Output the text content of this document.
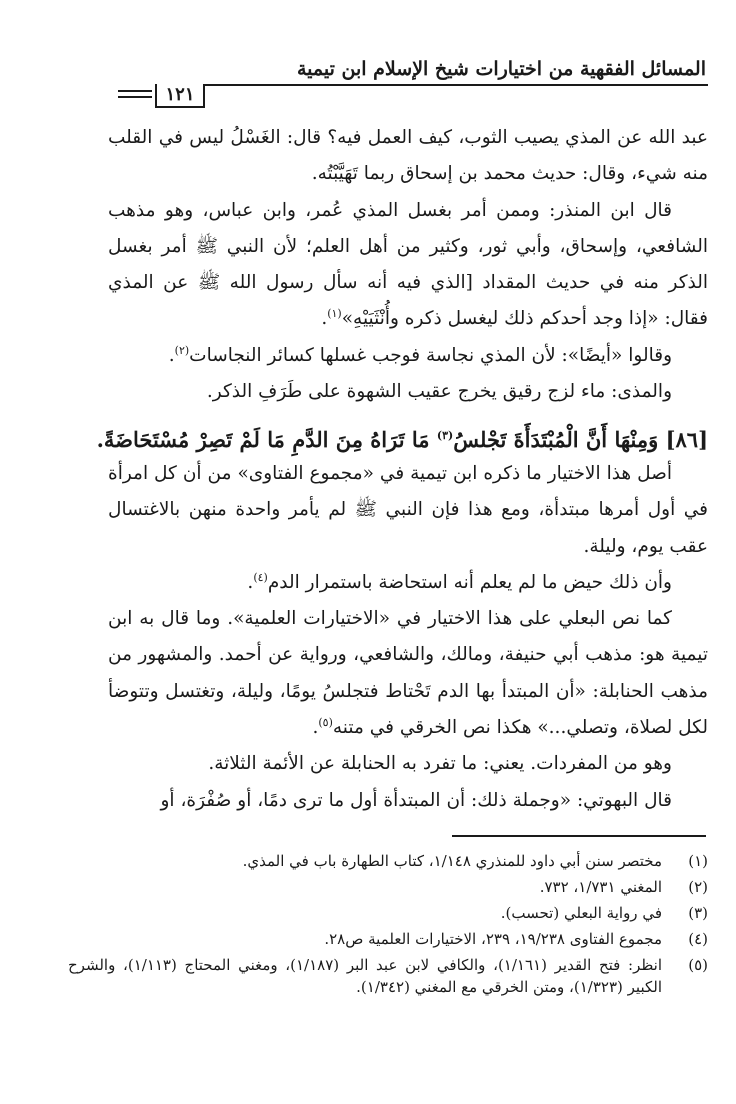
المسائل الفقهية من اختيارات شيخ الإسلام ابن تيمية
١٢١

عبد الله عن المذي يصيب الثوب، كيف العمل فيه؟ قال: الغَسْلُ ليس في القلب منه شيء، وقال: حديث محمد بن إسحاق ربما تَهَيَّبْتُه.

قال ابن المنذر: وممن أمر بغسل المذي عُمر، وابن عباس، وهو مذهب الشافعي، وإسحاق، وأبي ثور، وكثير من أهل العلم؛ لأن النبي ﷺ أمر بغسل الذكر منه في حديث المقداد [الذي فيه أنه سأل رسول الله ﷺ عن المذي فقال: «إذا وجد أحدكم ذلك ليغسل ذكره وأُنْثَيَيْهِ»$^{(١)}$.

وقالوا «أيضًا»: لأن المذي نجاسة فوجب غسلها كسائر النجاسات$^{(٢)}$.

والمذى: ماء لزج رقيق يخرج عقيب الشهوة على طَرَفِ الذكر.

[٨٦] وَمِنْهَا أَنَّ الْمُبْتَدَأَةَ تَجْلسُ$^{(٣)}$ مَا تَرَاهُ مِنَ الدَّمِ مَا لَمْ تَصِرْ مُسْتَحَاضَةً.

أصل هذا الاختيار ما ذكره ابن تيمية في «مجموع الفتاوى» من أن كل امرأة في أول أمرها مبتدأة، ومع هذا فإن النبي ﷺ لم يأمر واحدة منهن بالاغتسال عقب يوم، وليلة.

وأن ذلك حيض ما لم يعلم أنه استحاضة باستمرار الدم$^{(٤)}$.

كما نص البعلي على هذا الاختيار في «الاختيارات العلمية». وما قال به ابن تيمية هو: مذهب أبي حنيفة، ومالك، والشافعي، ورواية عن أحمد. والمشهور من مذهب الحنابلة: «أن المبتدأ بها الدم تَحْتاط فتجلسُ يومًا، وليلة، وتغتسل وتتوضأ لكل لصلاة، وتصلي...» هكذا نص الخرقي في متنه$^{(٥)}$.

وهو من المفردات. يعني: ما تفرد به الحنابلة عن الأئمة الثلاثة.

قال البهوتي: «وجملة ذلك: أن المبتدأة أول ما ترى دمًا، أو صُفْرَة، أو

(١)
مختصر سنن أبي داود للمنذري ١/١٤٨، كتاب الطهارة باب في المذي.
(٢)
المغني ١/٧٣١، ٧٣٢.
(٣)
في رواية البعلي (تحسب).
(٤)
مجموع الفتاوى ١٩/٢٣٨، ٢٣٩، الاختيارات العلمية ص٢٨.
(٥)
انظر: فتح القدير (١/١٦١)، والكافي لابن عبد البر (١/١٨٧)، ومغني المحتاج (١/١١٣)، والشرح الكبير (١/٣٢٣)، ومتن الخرقي مع المغني (١/٣٤٢).
